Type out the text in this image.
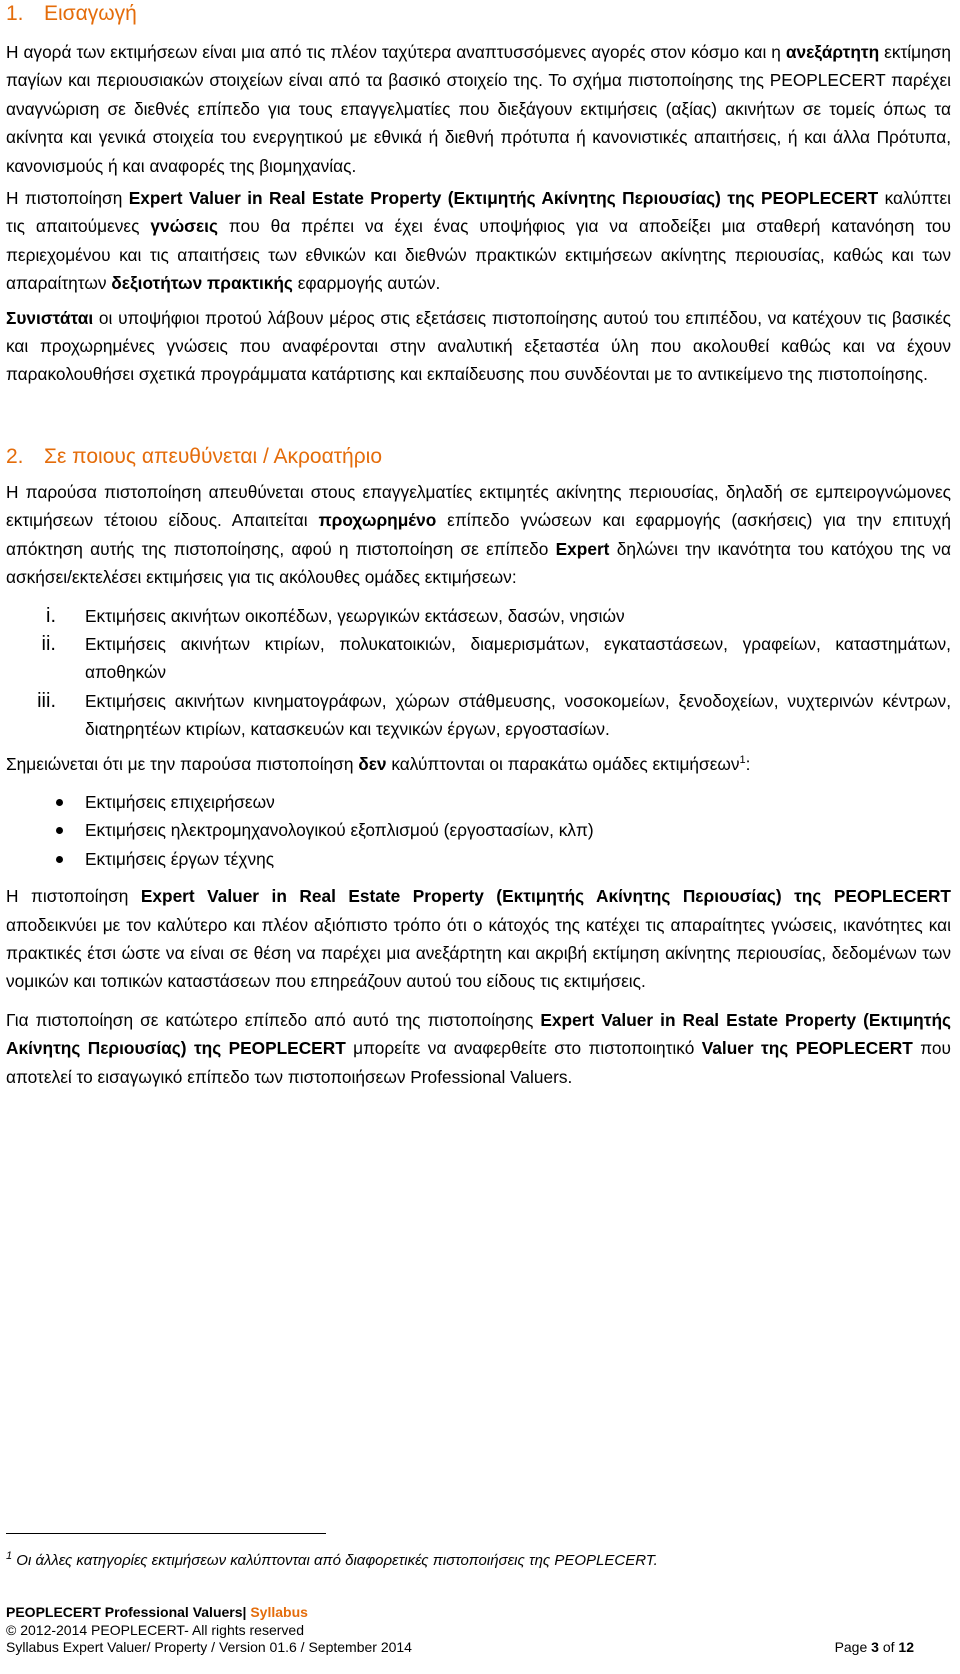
1. Εισαγωγή

Η αγορά των εκτιμήσεων είναι μια από τις πλέον ταχύτερα αναπτυσσόμενες αγορές στον κόσμο και η ανεξάρτητη εκτίμηση παγίων και περιουσιακών στοιχείων είναι από τα βασικό στοιχείο της. Το σχήμα πιστοποίησης της PEOPLECERT παρέχει αναγνώριση σε διεθνές επίπεδο για τους επαγγελματίες που διεξάγουν εκτιμήσεις (αξίας) ακινήτων σε τομείς όπως τα ακίνητα και γενικά στοιχεία του ενεργητικού με εθνικά ή διεθνή πρότυπα ή κανονιστικές απαιτήσεις, ή και άλλα Πρότυπα, κανονισμούς ή και αναφορές της βιομηχανίας.

Η πιστοποίηση Expert Valuer in Real Estate Property (Εκτιμητής Ακίνητης Περιουσίας) της PEOPLECERT καλύπτει τις απαιτούμενες γνώσεις που θα πρέπει να έχει ένας υποψήφιος για να αποδείξει μια σταθερή κατανόηση του περιεχομένου και τις απαιτήσεις των εθνικών και διεθνών πρακτικών εκτιμήσεων ακίνητης περιουσίας, καθώς και των απαραίτητων δεξιοτήτων πρακτικής εφαρμογής αυτών.

Συνιστάται οι υποψήφιοι προτού λάβουν μέρος στις εξετάσεις πιστοποίησης αυτού του επιπέδου, να κατέχουν τις βασικές και προχωρημένες γνώσεις που αναφέρονται στην αναλυτική εξεταστέα ύλη που ακολουθεί καθώς και να έχουν παρακολουθήσει σχετικά προγράμματα κατάρτισης και εκπαίδευσης που συνδέονται με το αντικείμενο της πιστοποίησης.

2. Σε ποιους απευθύνεται / Ακροατήριο

Η παρούσα πιστοποίηση απευθύνεται στους επαγγελματίες εκτιμητές ακίνητης περιουσίας, δηλαδή σε εμπειρογνώμονες εκτιμήσεων τέτοιου είδους. Απαιτείται προχωρημένο επίπεδο γνώσεων και εφαρμογής (ασκήσεις) για την επιτυχή απόκτηση αυτής της πιστοποίησης, αφού η πιστοποίηση σε επίπεδο Expert δηλώνει την ικανότητα του κατόχου της να ασκήσει/εκτελέσει εκτιμήσεις για τις ακόλουθες ομάδες εκτιμήσεων:

i. Εκτιμήσεις ακινήτων οικοπέδων, γεωργικών εκτάσεων, δασών, νησιών
ii. Εκτιμήσεις ακινήτων κτιρίων, πολυκατοικιών, διαμερισμάτων, εγκαταστάσεων, γραφείων, καταστημάτων, αποθηκών
iii. Εκτιμήσεις ακινήτων κινηματογράφων, χώρων στάθμευσης, νοσοκομείων, ξενοδοχείων, νυχτερινών κέντρων, διατηρητέων κτιρίων, κατασκευών και τεχνικών έργων, εργοστασίων.

Σημειώνεται ότι με την παρούσα πιστοποίηση δεν καλύπτονται οι παρακάτω ομάδες εκτιμήσεων$^1$:

Εκτιμήσεις επιχειρήσεων
Εκτιμήσεις ηλεκτρομηχανολογικού εξοπλισμού (εργοστασίων, κλπ)
Εκτιμήσεις έργων τέχνης

Η πιστοποίηση Expert Valuer in Real Estate Property (Εκτιμητής Ακίνητης Περιουσίας) της PEOPLECERT αποδεικνύει με τον καλύτερο και πλέον αξιόπιστο τρόπο ότι ο κάτοχός της κατέχει τις απαραίτητες γνώσεις, ικανότητες και πρακτικές έτσι ώστε να είναι σε θέση να παρέχει μια ανεξάρτητη και ακριβή εκτίμηση ακίνητης περιουσίας, δεδομένων των νομικών και τοπικών καταστάσεων που επηρεάζουν αυτού του είδους τις εκτιμήσεις.

Για πιστοποίηση σε κατώτερο επίπεδο από αυτό της πιστοποίησης Expert Valuer in Real Estate Property (Εκτιμητής Ακίνητης Περιουσίας) της PEOPLECERT μπορείτε να αναφερθείτε στο πιστοποιητικό Valuer της PEOPLECERT που αποτελεί το εισαγωγικό επίπεδο των πιστοποιήσεων Professional Valuers.

$^1$ Οι άλλες κατηγορίες εκτιμήσεων καλύπτονται από διαφορετικές πιστοποιήσεις της PEOPLECERT.
PEOPLECERT Professional Valuers| Syllabus
© 2012-2014 PEOPLECERT- All rights reserved
Syllabus Expert Valuer/ Property / Version 01.6 / September 2014	Page 3 of 12
